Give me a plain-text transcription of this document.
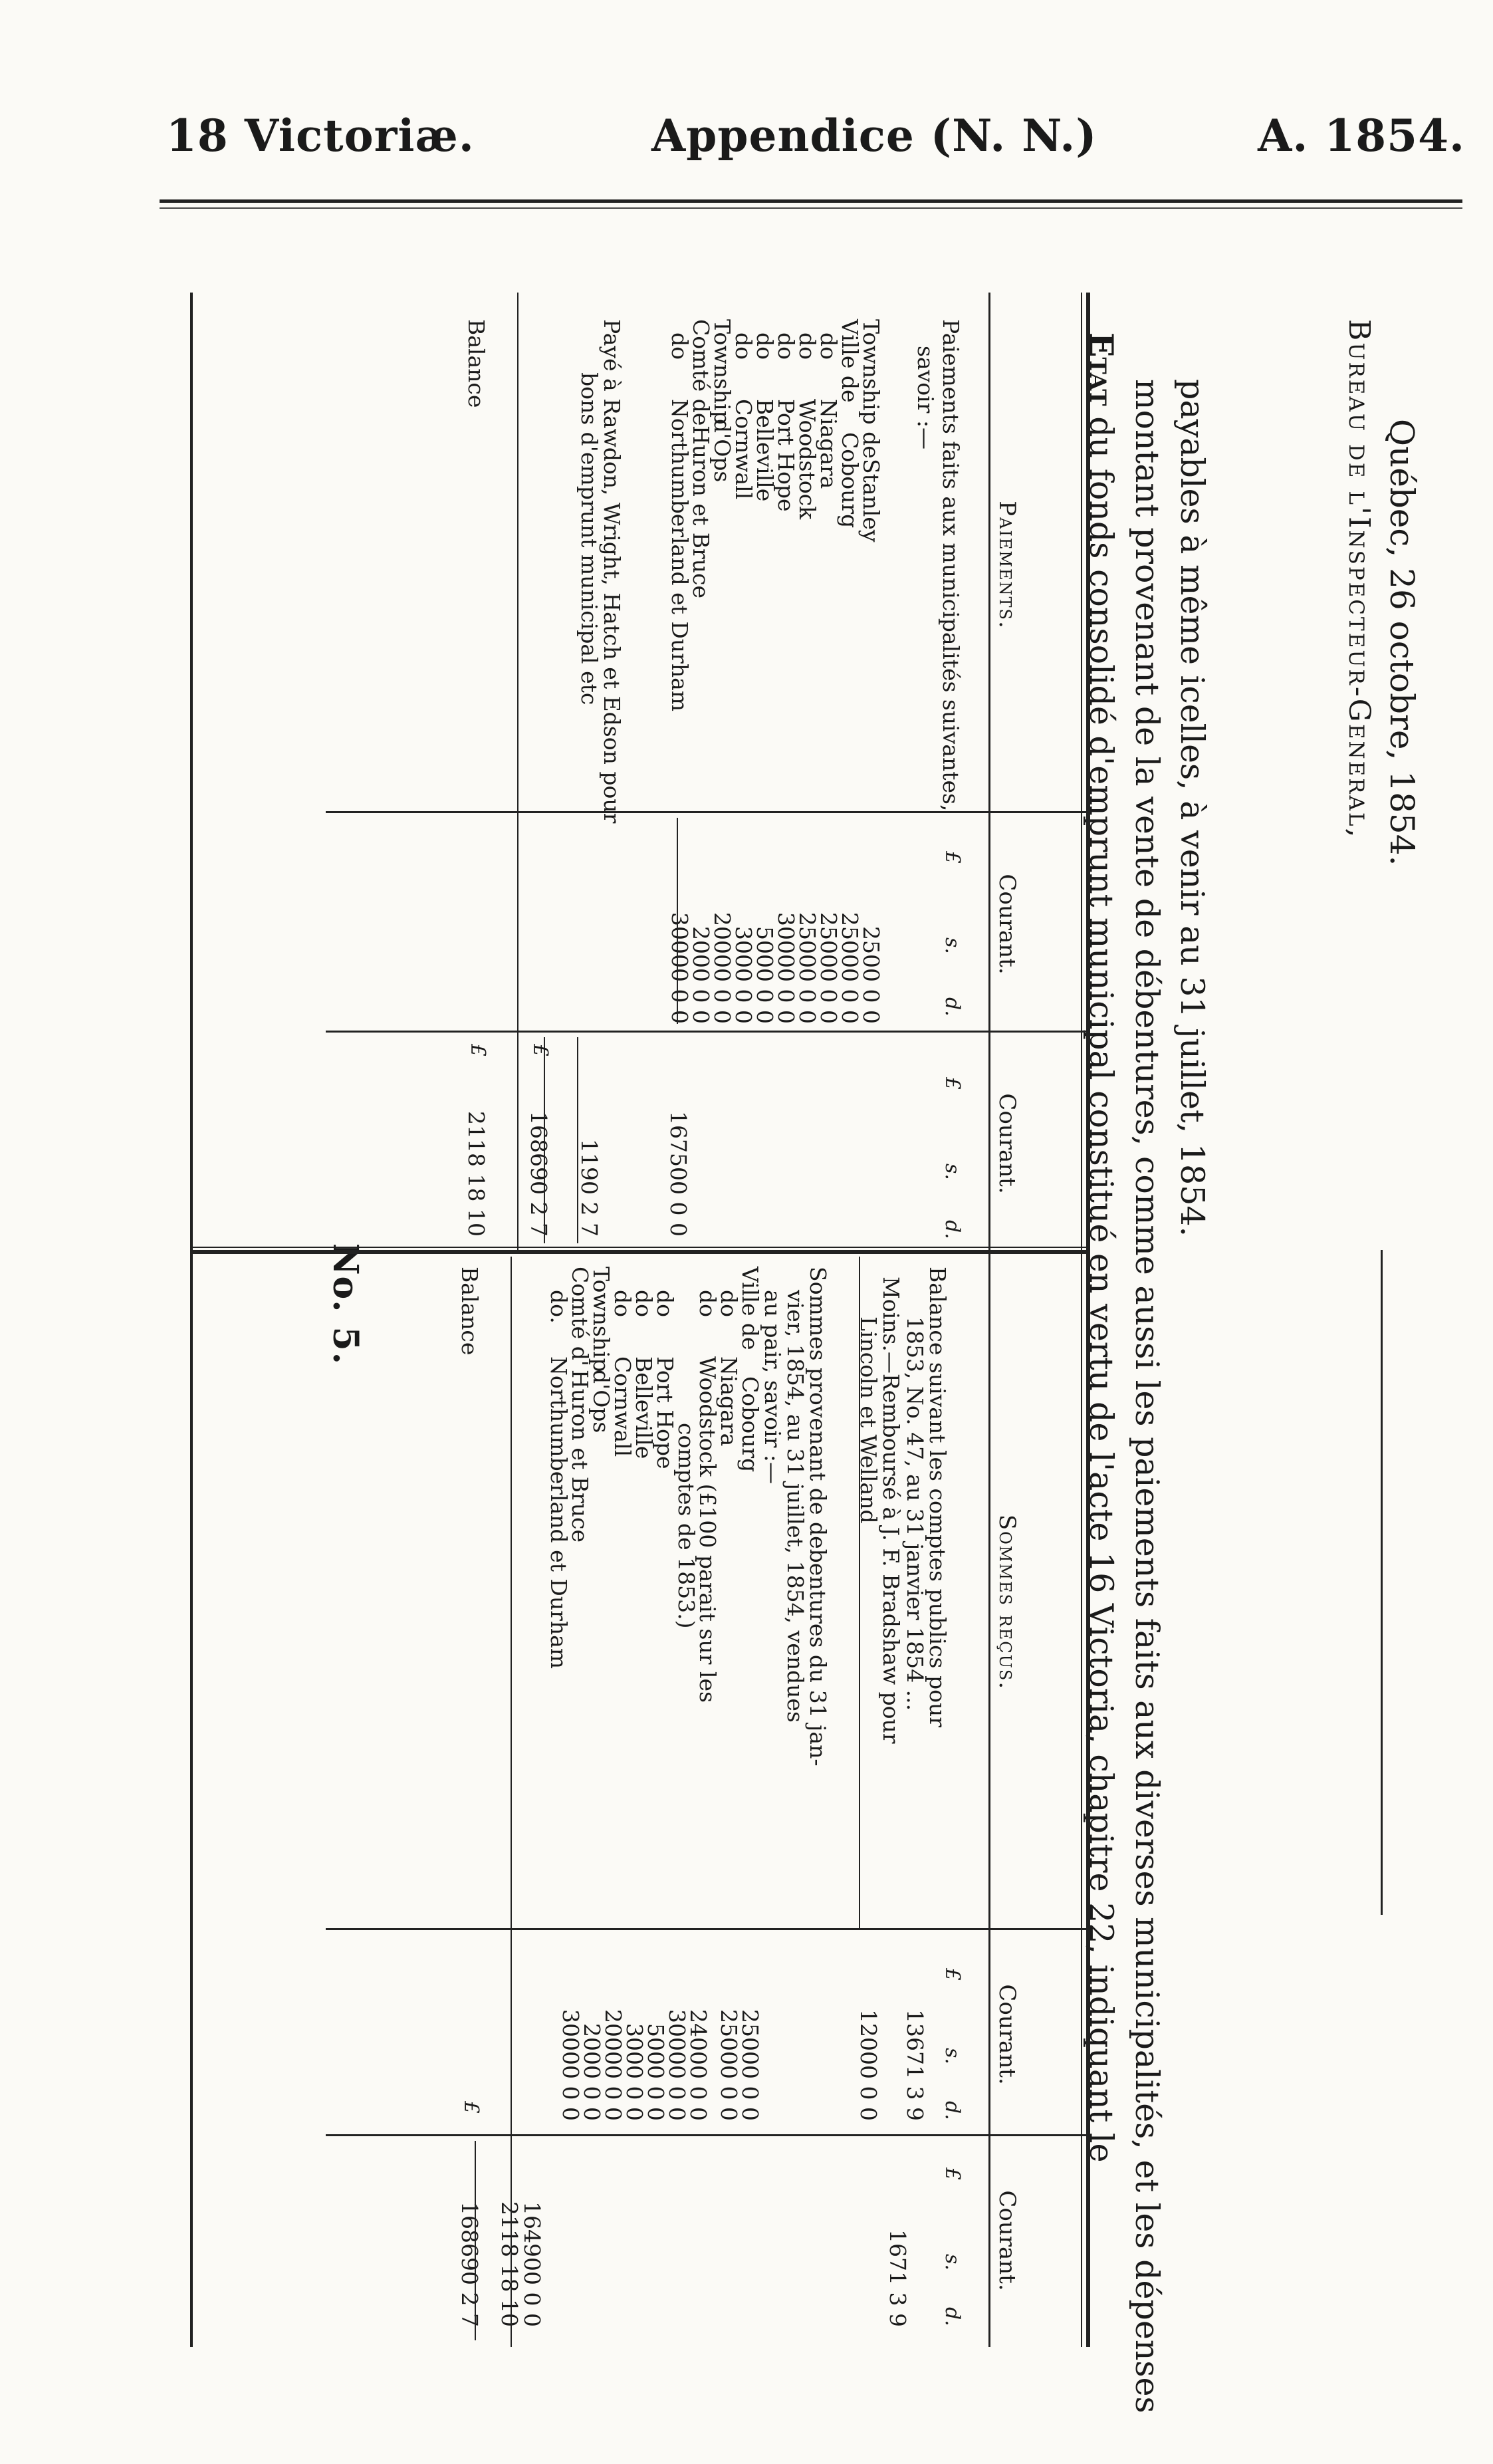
18 Victoriæ.	Appendice (N. N.)	A. 1854.
No. 5.
Etat du fonds consolidé d'emprunt municipal constitué en vertu de l'acte 16 Victoria, chapitre 22, indiquant le montant provenant de la vente de débentures, comme aussi les paiements faits aux diverses municipalités, et les dépenses payables à même icelles, à venir au 31 juillet, 1854.
Paiements.
Courant.
Courant.
£
s.
d.
£
s.
d.
Paiements faits aux municipalités suivantes,
savoir :—
Township de
Stanley
2500 0 0
Ville de
Cobourg
25000 0 0
do
Niagara
25000 0 0
do
Woodstock
25000 0 0
do
Port Hope
30000 0 0
do
Belleville
5000 0 0
do
Cornwall
3000 0 0
Township
d'Ops
20000 0 0
Comté de
Huron et Bruce
2000 0 0
do
Northumberland et Durham
30000 0 0
167500 0 0
Payé à Rawdon, Wright, Hatch et Edson pour
bons d'emprunt municipal etc
1190 2 7
168690 2 7
£
Balance
£
2118 18 10
Sommes reçus.
Courant.
Courant.
£
s.
d.
£
s.
d.
Balance suivant les comptes publics pour
1853, No. 47, au 31 janvier 1854 ...
13671 3 9
Moins.—Remboursé à J. F. Bradshaw pour
Lincoln et Welland
12000 0 0
1671 3 9
Sommes provenant de debentures du 31 jan-
vier, 1854, au 31 juillet, 1854, vendues
au pair, savoir :—
Ville de
Cobourg
25000 0 0
do
Niagara
25000 0 0
do
Woodstock (£100 parait sur les
24000 0 0
comptes de 1853.)
30000 0 0
do
Port Hope
5000 0 0
do
Belleville
3000 0 0
do
Cornwall
20000 0 0
Township
d'Ops
2000 0 0
Comté d'
Huron et Bruce
30000 0 0
do.
Northumberland et Durham
164900 0 0
2118 18 10
Balance
£
168690 2 7
Bureau de l'Inspecteur-General, Québec, 26 octobre, 1854.
